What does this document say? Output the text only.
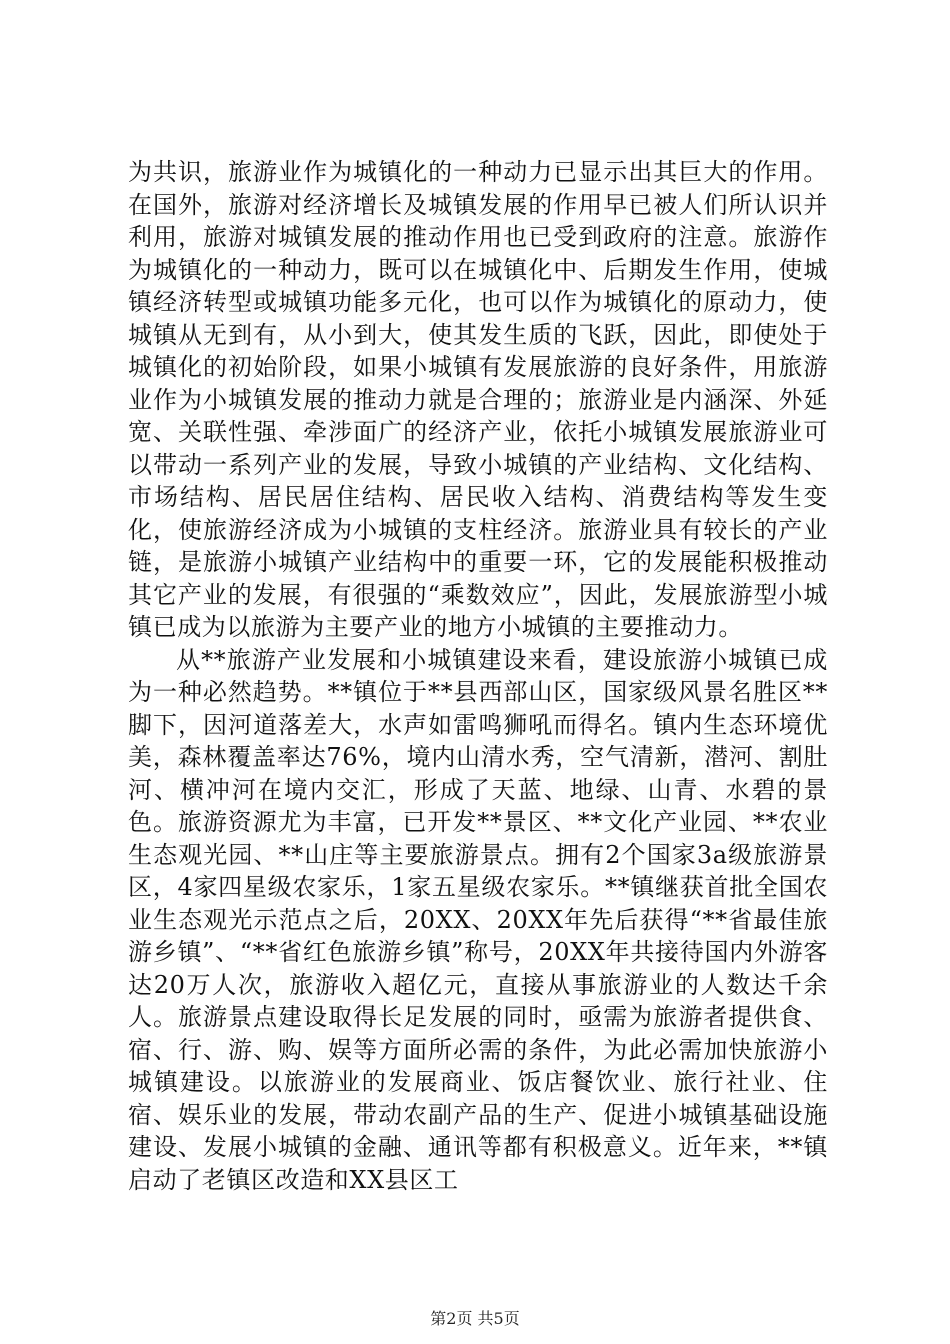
为共识，旅游业作为城镇化的一种动力已显示出其巨大的作用。在国外，旅游对经济增长及城镇发展的作用早已被人们所认识并利用，旅游对城镇发展的推动作用也已受到政府的注意。旅游作为城镇化的一种动力，既可以在城镇化中、后期发生作用，使城镇经济转型或城镇功能多元化，也可以作为城镇化的原动力，使城镇从无到有，从小到大，使其发生质的飞跃，因此，即使处于城镇化的初始阶段，如果小城镇有发展旅游的良好条件，用旅游业作为小城镇发展的推动力就是合理的；旅游业是内涵深、外延宽、关联性强、牵涉面广的经济产业，依托小城镇发展旅游业可以带动一系列产业的发展，导致小城镇的产业结构、文化结构、市场结构、居民居住结构、居民收入结构、消费结构等发生变化，使旅游经济成为小城镇的支柱经济。旅游业具有较长的产业链，是旅游小城镇产业结构中的重要一环，它的发展能积极推动其它产业的发展，有很强的“乘数效应”，因此，发展旅游型小城镇已成为以旅游为主要产业的地方小城镇的主要推动力。

从**旅游产业发展和小城镇建设来看，建设旅游小城镇已成为一种必然趋势。**镇位于**县西部山区，国家级风景名胜区**脚下，因河道落差大，水声如雷鸣狮吼而得名。镇内生态环境优美，森林覆盖率达76%，境内山清水秀，空气清新，潜河、割肚河、横冲河在境内交汇，形成了天蓝、地绿、山青、水碧的景色。旅游资源尤为丰富，已开发**景区、**文化产业园、**农业生态观光园、**山庄等主要旅游景点。拥有2个国家3a级旅游景区，4家四星级农家乐，1家五星级农家乐。**镇继获首批全国农业生态观光示范点之后，20XX、20XX年先后获得“**省最佳旅游乡镇”、“**省红色旅游乡镇”称号，20XX年共接待国内外游客达20万人次，旅游收入超亿元，直接从事旅游业的人数达千余人。旅游景点建设取得长足发展的同时，亟需为旅游者提供食、宿、行、游、购、娱等方面所必需的条件，为此必需加快旅游小城镇建设。以旅游业的发展商业、饭店餐饮业、旅行社业、住宿、娱乐业的发展，带动农副产品的生产、促进小城镇基础设施建设、发展小城镇的金融、通讯等都有积极意义。近年来，**镇启动了老镇区改造和XX县区工

第2页 共5页
